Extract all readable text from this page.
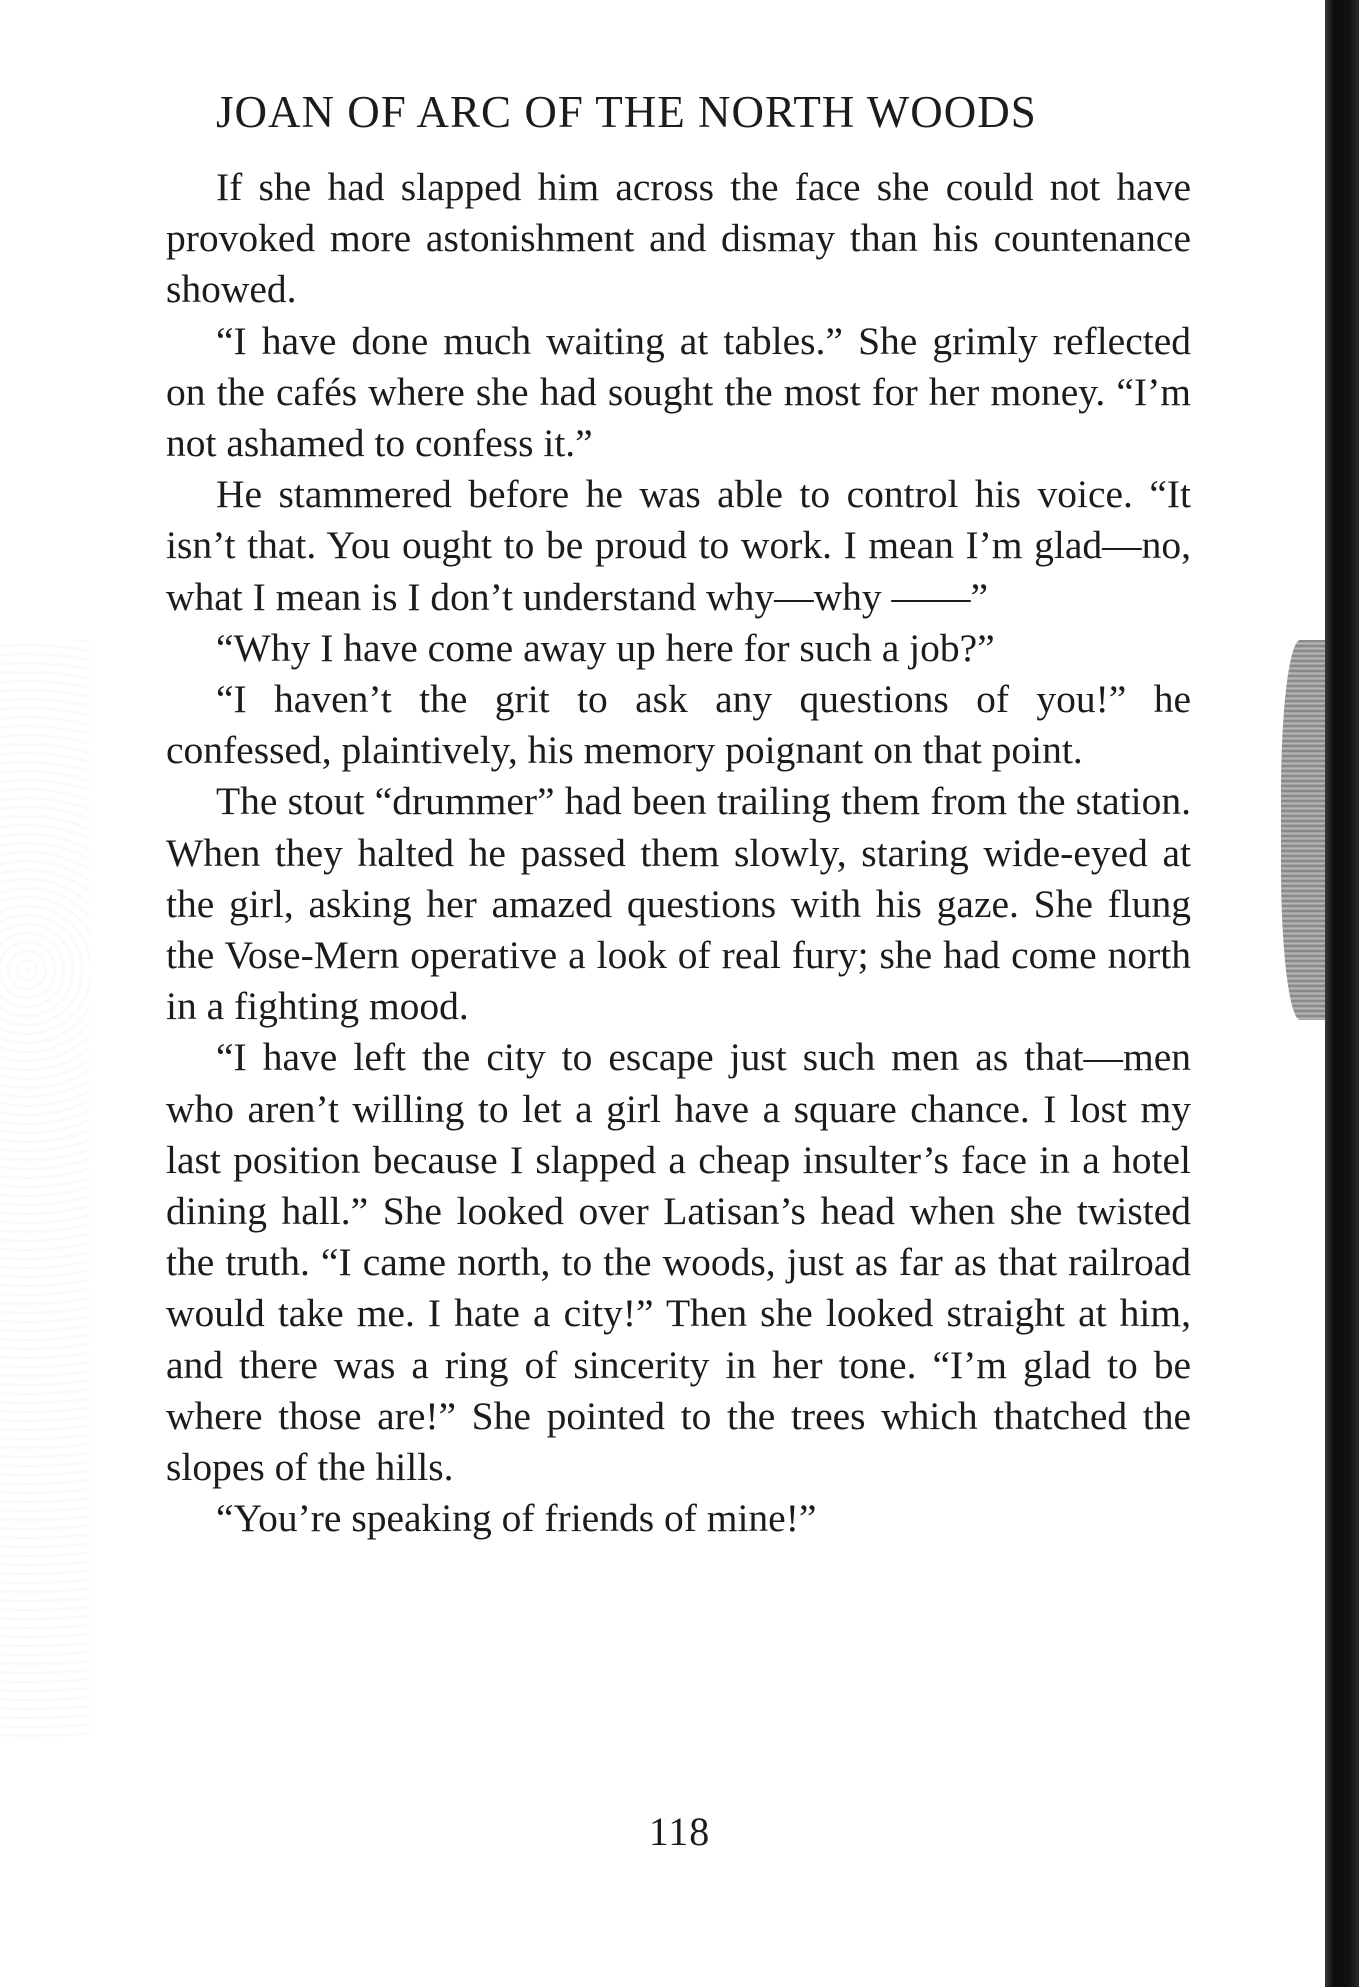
JOAN OF ARC OF THE NORTH WOODS

If she had slapped him across the face she could not have provoked more astonishment and dismay than his countenance showed.

“I have done much waiting at tables.” She grimly reflected on the cafés where she had sought the most for her money. “I’m not ashamed to confess it.”

He stammered before he was able to control his voice. “It isn’t that. You ought to be proud to work. I mean I’m glad—no, what I mean is I don’t understand why—why ——”

“Why I have come away up here for such a job?”

“I haven’t the grit to ask any questions of you!” he confessed, plaintively, his memory poignant on that point.

The stout “drummer” had been trailing them from the station. When they halted he passed them slowly, staring wide-eyed at the girl, asking her amazed questions with his gaze. She flung the Vose-Mern operative a look of real fury; she had come north in a fighting mood.

“I have left the city to escape just such men as that—men who aren’t willing to let a girl have a square chance. I lost my last position because I slapped a cheap insulter’s face in a hotel dining hall.” She looked over Latisan’s head when she twisted the truth. “I came north, to the woods, just as far as that railroad would take me. I hate a city!” Then she looked straight at him, and there was a ring of sincerity in her tone. “I’m glad to be where those are!” She pointed to the trees which thatched the slopes of the hills.

“You’re speaking of friends of mine!”

118
